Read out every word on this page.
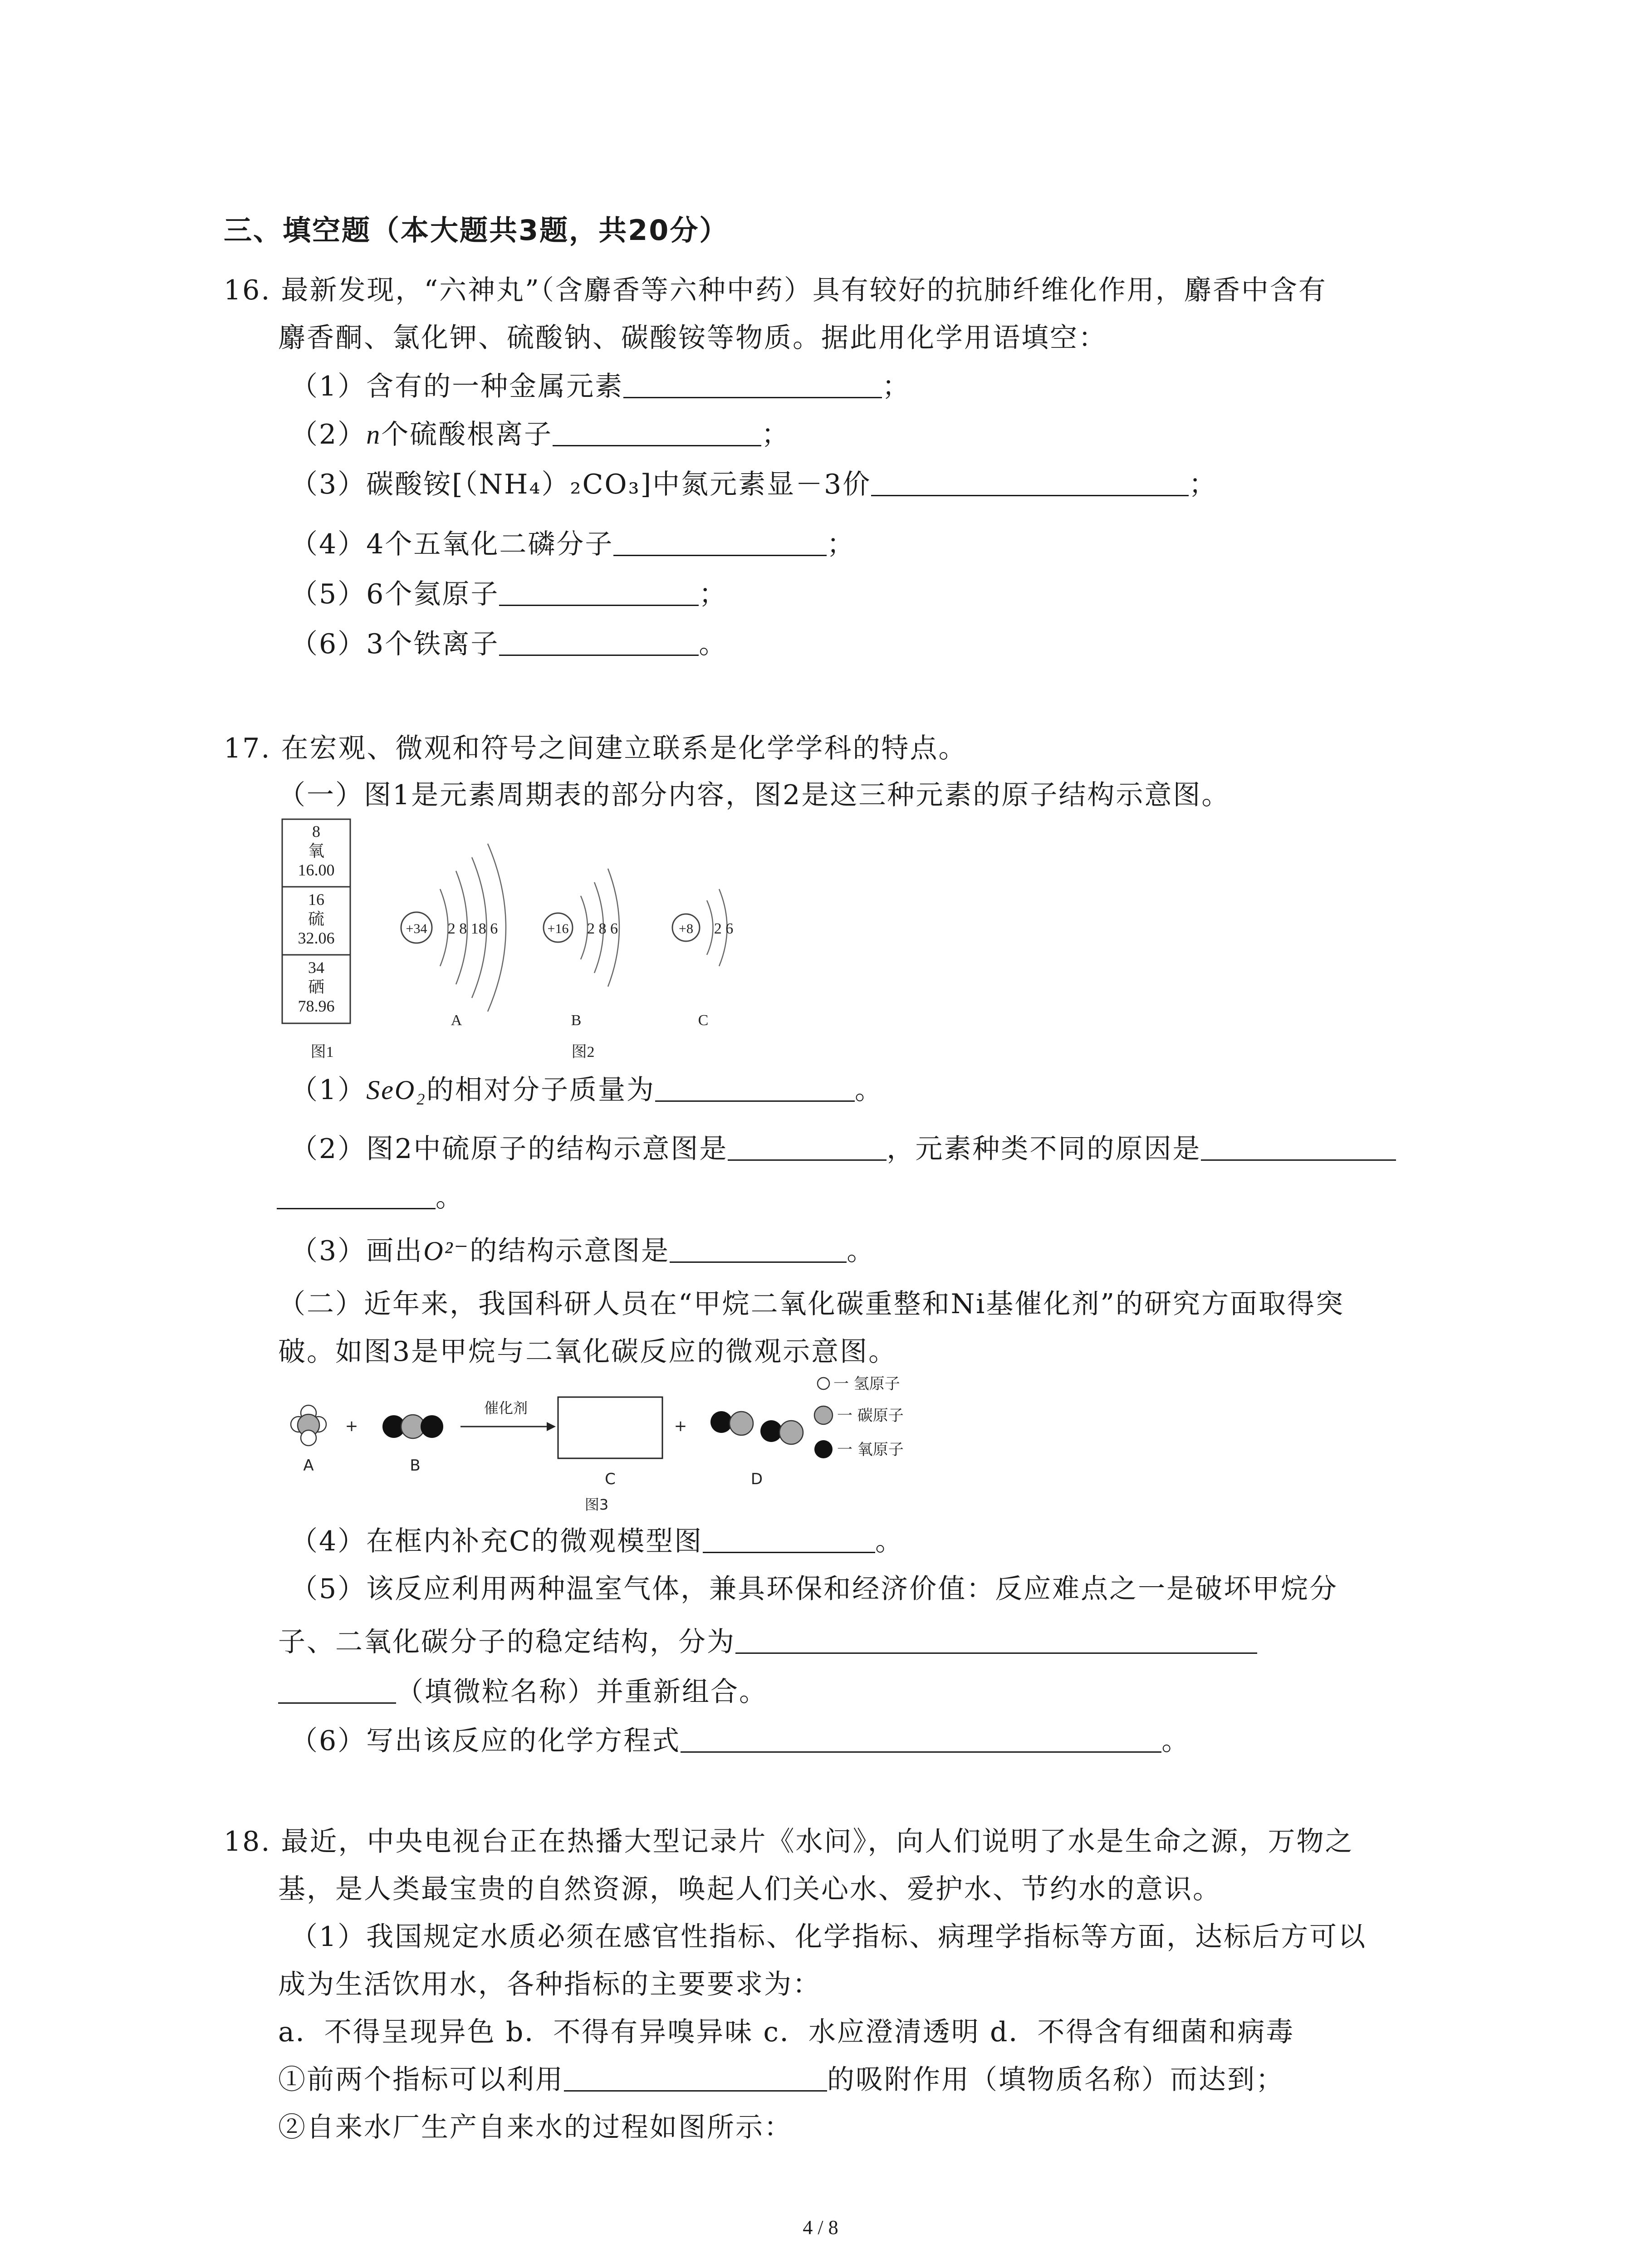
三、填空题（本大题共3题，共20分）
16. 最新发现，“六神丸”（含麝香等六种中药）具有较好的抗肺纤维化作用，麝香中含有
麝香酮、氯化钾、硫酸钠、碳酸铵等物质。据此用化学用语填空：
（1）含有的一种金属元素	；
（2）n个硫酸根离子	；
（3）碳酸铵[（NH₄）₂CO₃]中氮元素显－3价	；
（4）4个五氧化二磷分子	；
（5）6个氦原子	；
（6）3个铁离子	。
17. 在宏观、微观和符号之间建立联系是化学学科的特点。
（一）图1是元素周期表的部分内容，图2是这三种元素的原子结构示意图。
8
氧
16.00
16
硫
32.06
34
硒
78.96
+34 2 8 18 6
A
+16 2 8 6
B
+8 2 6
C
图1	图2
（1）SeO₂的相对分子质量为	。
（2）图2中硫原子的结构示意图是	，元素种类不同的原因是
。
（3）画出O²⁻的结构示意图是	。
（二）近年来，我国科研人员在“甲烷二氧化碳重整和Ni基催化剂”的研究方面取得突
破。如图3是甲烷与二氧化碳反应的微观示意图。
A
+
B
催化剂
C
+
D
一 氢原子
一 碳原子
一 氧原子
图3
（4）在框内补充C的微观模型图	。
（5）该反应利用两种温室气体，兼具环保和经济价值：反应难点之一是破坏甲烷分
子、二氧化碳分子的稳定结构，分为
（填微粒名称）并重新组合。
（6）写出该反应的化学方程式	。
18. 最近，中央电视台正在热播大型记录片《水问》，向人们说明了水是生命之源，万物之
基，是人类最宝贵的自然资源，唤起人们关心水、爱护水、节约水的意识。
（1）我国规定水质必须在感官性指标、化学指标、病理学指标等方面，达标后方可以
成为生活饮用水，各种指标的主要要求为：
a．不得呈现异色 b．不得有异嗅异味 c．水应澄清透明 d．不得含有细菌和病毒
①前两个指标可以利用	的吸附作用（填物质名称）而达到；
②自来水厂生产自来水的过程如图所示：
4 / 8
